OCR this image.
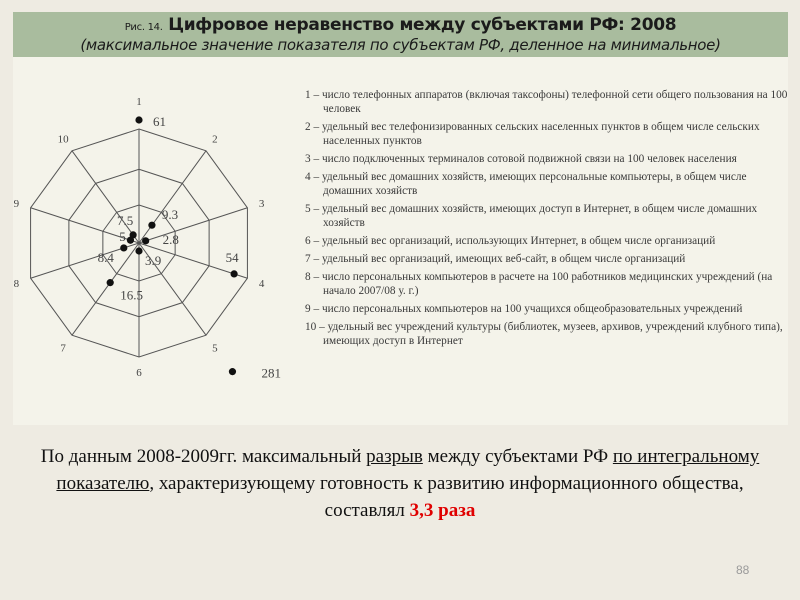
Рис. 14. Цифровое неравенство между субъектами РФ: 2008
(максимальное значение показателя по субъектам РФ, деленное на минимальное)
61
9.3
2.8
54
281
3.9
16.5
8.4
5
7.5
1
2
3
4
5
6
7
8
9
10
1 – число телефонных аппаратов (включая таксофоны) телефонной сети общего пользования на 100 человек
2 – удельный вес телефонизированных сельских населенных пунктов в общем числе сельских населенных пунктов
3 – число подключенных терминалов сотовой подвижной связи на 100 человек населения
4 – удельный вес домашних хозяйств, имеющих персональные компьютеры, в общем числе домашних хозяйств
5 – удельный вес домашних хозяйств, имеющих доступ в Интернет, в общем числе домашних хозяйств
6 – удельный вес организаций, использующих Интернет, в общем числе организаций
7 – удельный вес организаций, имеющих веб-сайт, в общем числе организаций
8 – число персональных компьютеров в расчете на 100 работников медицинских учреждений (на начало 2007/08 у. г.)
9 – число персональных компьютеров на 100 учащихся общеобразовательных учреждений
10 – удельный вес учреждений культуры (библиотек, музеев, архивов, учреждений клубного типа), имеющих доступ в Интернет
По данным 2008-2009гг. максимальный разрыв между субъектами РФ по интегральному показателю, характеризующему готовность к развитию информационного общества, составлял 3,3 раза
88
